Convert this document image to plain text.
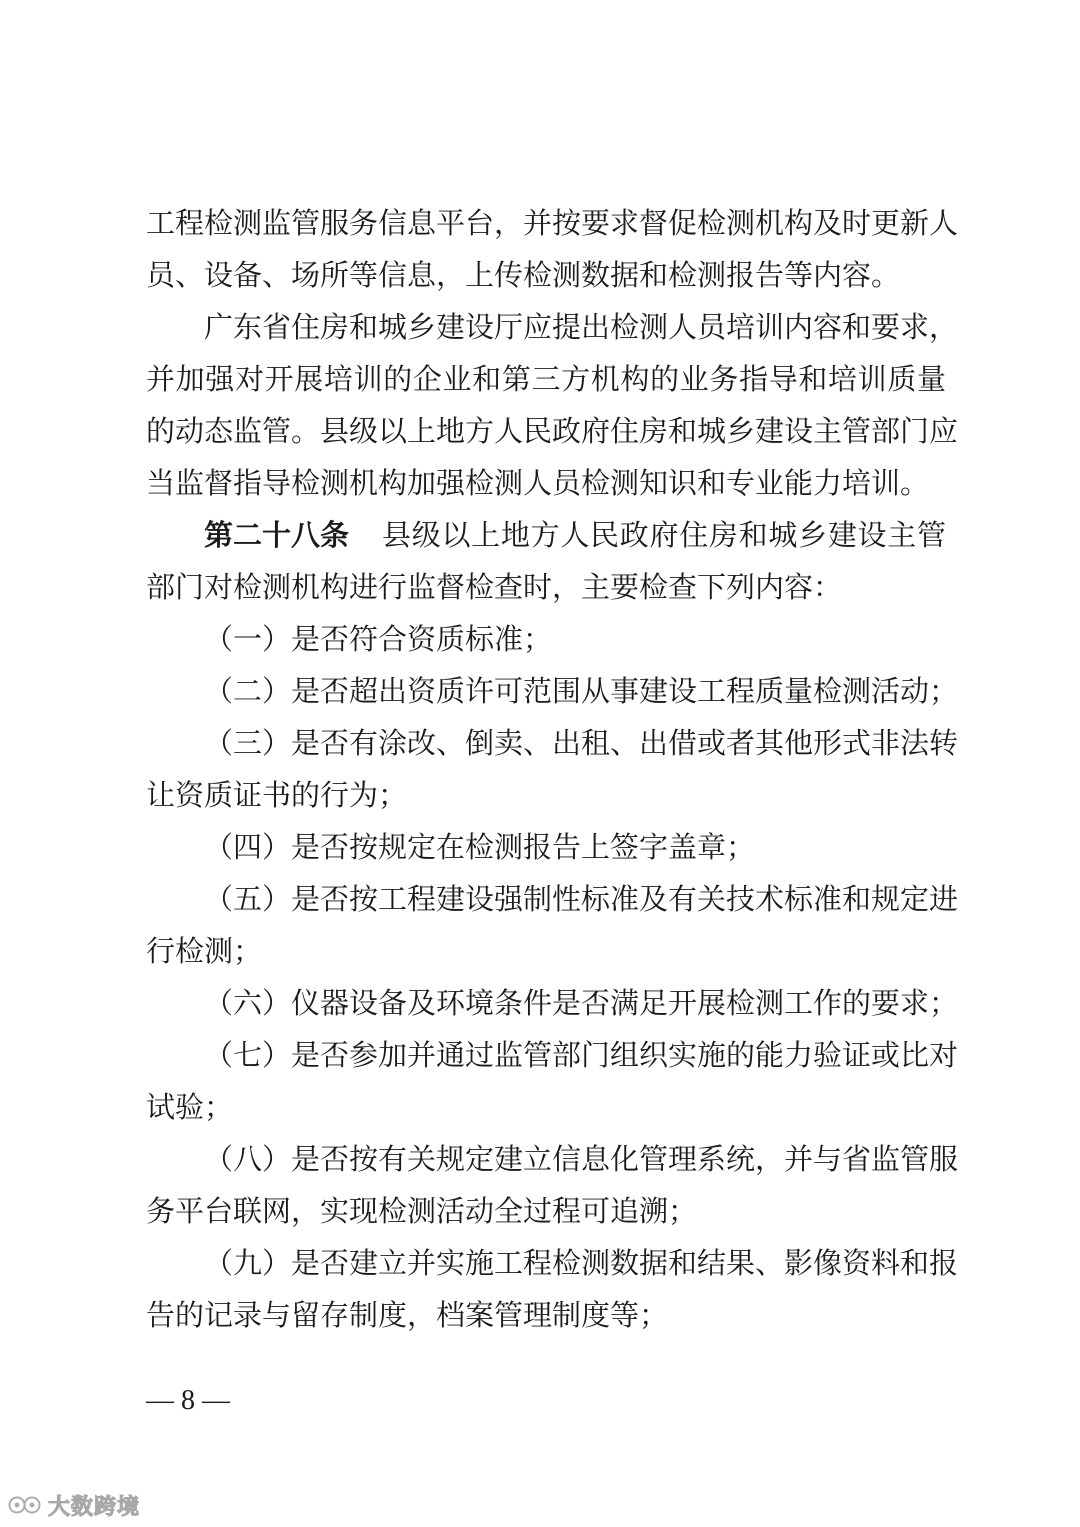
工程检测监管服务信息平台，并按要求督促检测机构及时更新人
员、设备、场所等信息，上传检测数据和检测报告等内容。
广东省住房和城乡建设厅应提出检测人员培训内容和要求，
并加强对开展培训的企业和第三方机构的业务指导和培训质量
的动态监管。县级以上地方人民政府住房和城乡建设主管部门应
当监督指导检测机构加强检测人员检测知识和专业能力培训。
第二十八条 县级以上地方人民政府住房和城乡建设主管
部门对检测机构进行监督检查时，主要检查下列内容：
（一）是否符合资质标准；
（二）是否超出资质许可范围从事建设工程质量检测活动；
（三）是否有涂改、倒卖、出租、出借或者其他形式非法转
让资质证书的行为；
（四）是否按规定在检测报告上签字盖章；
（五）是否按工程建设强制性标准及有关技术标准和规定进
行检测；
（六）仪器设备及环境条件是否满足开展检测工作的要求；
（七）是否参加并通过监管部门组织实施的能力验证或比对
试验；
（八）是否按有关规定建立信息化管理系统，并与省监管服
务平台联网，实现检测活动全过程可追溯；
（九）是否建立并实施工程检测数据和结果、影像资料和报
告的记录与留存制度，档案管理制度等；
— 8 —
大数跨境
